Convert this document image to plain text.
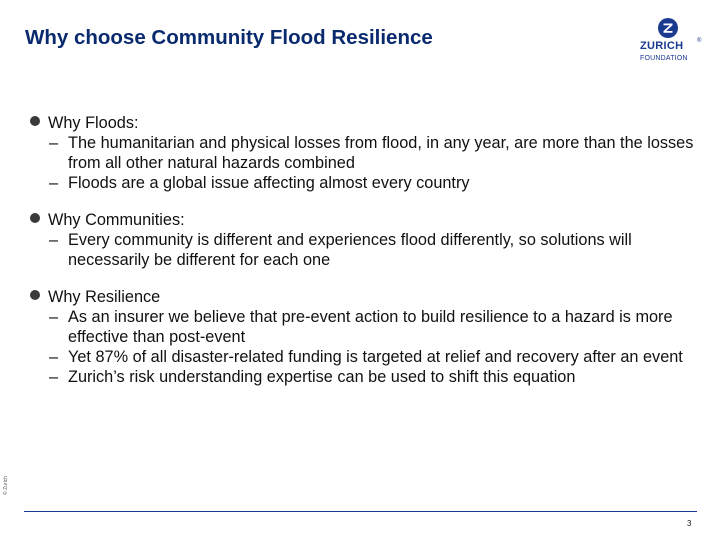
Why choose Community Flood Resilience	ZURICH ®
FOUNDATION
Why Floods:
– The humanitarian and physical losses from flood, in any year, are more than the losses from all other natural hazards combined
– Floods are a global issue affecting almost every country
Why Communities:
– Every community is different and experiences flood differently, so solutions will necessarily be different for each one
Why Resilience
– As an insurer we believe that pre-event action to build resilience to a hazard is more effective than post-event
– Yet 87% of all disaster-related funding is targeted at relief and recovery after an event
– Zurich’s risk understanding expertise can be used to shift this equation
© Zurich
3
